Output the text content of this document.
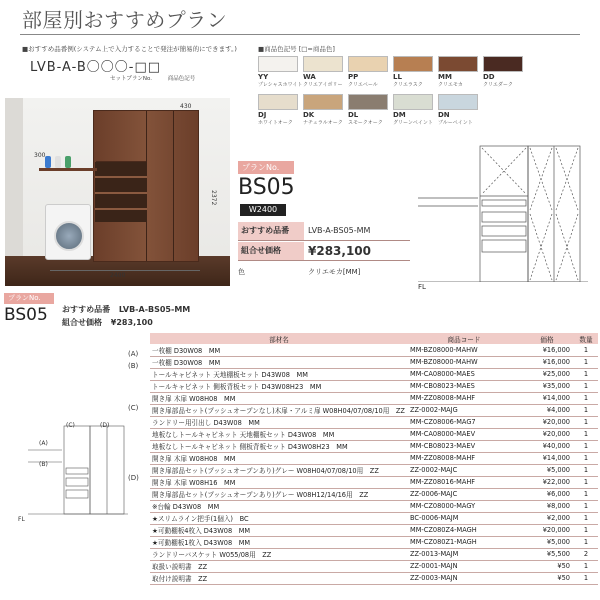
部屋別おすすめプラン
■おすすめ品番例(システム上で入力することで発注が簡易的にできます。)
LVB-A-B〇〇〇-□□
セットプランNo.	商品色記号
■商品色記号 [□=商品色]
430
2372
300
2400
プランNo.
BS05
W2400
おすすめ品番	LVB-A-BS05-MM
組合せ価格	¥283,100
色	クリエモカ[MM]
FL
プランNo.
BS05 おすすめ品番 LVB-A-BS05-MM
組合せ価格 ¥283,100
(A)
(B)
(C)	(D)
FL
(A)
(B)
(C)
(D)
部材名	商品コード	価格	数量
一枚棚 D30W08　MM	MM-BZ08000-MAHW	¥16,000	1
一枚棚 D30W08　MM	MM-BZ08000-MAHW	¥16,000	1
トールキャビネット 天地棚板セット D43W08　MM	MM-CA08000-MAES	¥25,000	1
トールキャビネット 側板背板セット D43W08H23　MM	MM-CB08023-MAES	¥35,000	1
開き扉 木扉 W08H08　MM	MM-ZZ08008-MAHF	¥14,000	1
開き扉部品セット(プッシュオープンなし)木扉・アルミ扉 W08H04/07/08/10用　ZZ	ZZ-0002-MAJG	¥4,000	1
ランドリー用引出し D43W08　MM	MM-CZ08006-MAG7	¥20,000	1
地板なしトールキャビネット 天地棚板セット D43W08　MM	MM-CA08000-MAEV	¥20,000	1
地板なしトールキャビネット 側板背板セット D43W08H23　MM	MM-CB08023-MAEV	¥40,000	1
開き扉 木扉 W08H08　MM	MM-ZZ08008-MAHF	¥14,000	1
開き扉部品セット(プッシュオープンあり)グレー W08H04/07/08/10用　ZZ	ZZ-0002-MAJC	¥5,000	1
開き扉 木扉 W08H16　MM	MM-ZZ08016-MAHF	¥22,000	1
開き扉部品セット(プッシュオープンあり)グレー W08H12/14/16用　ZZ	ZZ-0006-MAJC	¥6,000	1
※台輪 D43W08　MM	MM-CZ08000-MAGY	¥8,000	1
★スリムライン把手(1個入)　BC	BC-0006-MAJM	¥2,000	1
★可動棚板4枚入 D43W08　MM	MM-CZ080Z4-MAGH	¥20,000	1
★可動棚板1枚入 D43W08　MM	MM-CZ080Z1-MAGH	¥5,000	1
ランドリーバスケット W055/08用　ZZ	ZZ-0013-MAJM	¥5,500	2
取扱い説明書　ZZ	ZZ-0001-MAJN	¥50	1
取付け説明書　ZZ	ZZ-0003-MAJN	¥50	1
YY
プレシャスホワイト
WA
クリエアイボリー
PP
クリエペール
LL
クリエラスク
MM
クリエモカ
DD
クリエダーク
DJ
ホワイトオーク
DK
ナチュラルオーク
DL
スモークオーク
DM
グリーンペイント
DN
ブルーペイント
